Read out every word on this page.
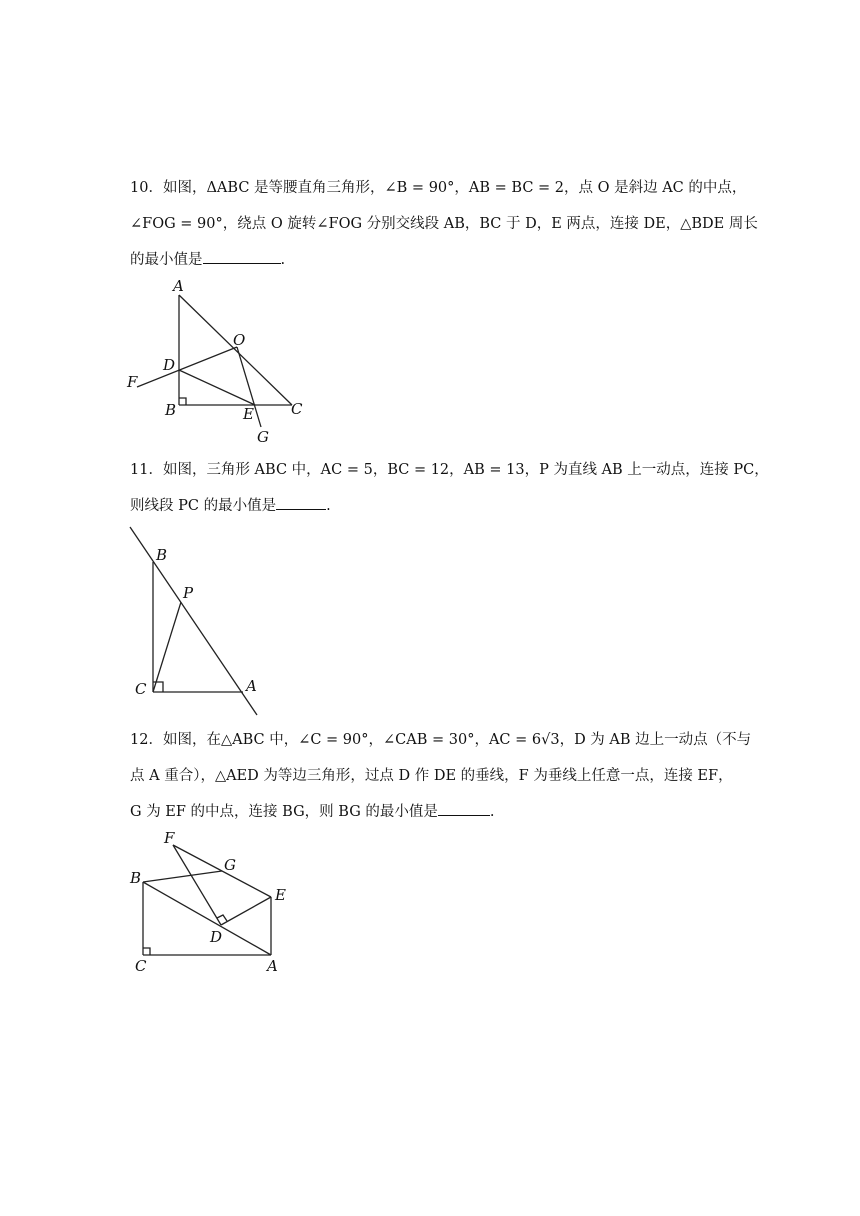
10．如图，ΔABC 是等腰直角三角形，∠B = 90°，AB = BC = 2，点 O 是斜边 AC 的中点，

∠FOG = 90°，绕点 O 旋转∠FOG 分别交线段 AB，BC 于 D，E 两点，连接 DE，△BDE 周长

的最小值是	.

A
O
D
F
B	E C
G

11．如图，三角形 ABC 中，AC = 5，BC = 12，AB = 13，P 为直线 AB 上一动点，连接 PC，

则线段 PC 的最小值是	.

B
P
C	A

12．如图，在△ABC 中，∠C = 90°，∠CAB = 30°，AC = 6√3，D 为 AB 边上一动点（不与

点 A 重合），△AED 为等边三角形，过点 D 作 DE 的垂线，F 为垂线上任意一点，连接 EF，

G 为 EF 的中点，连接 BG，则 BG 的最小值是	.

F
G
B
E
D
C	A
